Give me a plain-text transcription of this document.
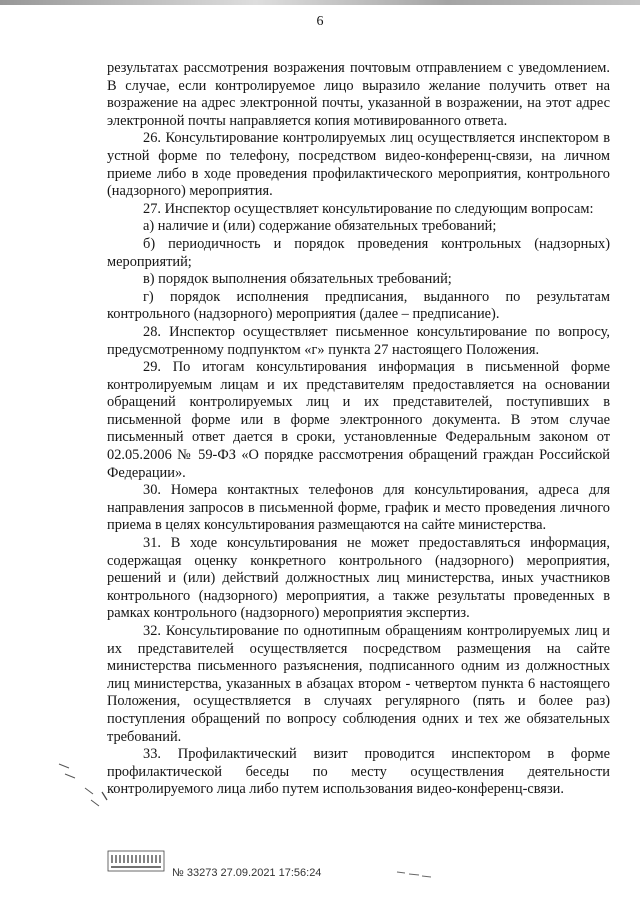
6

результатах рассмотрения возражения почтовым отправлением с уведомлением. В случае, если контролируемое лицо выразило желание получить ответ на возражение на адрес электронной почты, указанной в возражении, на этот адрес электронной почты направляется копия мотивированного ответа.

26. Консультирование контролируемых лиц осуществляется инспектором в устной форме по телефону, посредством видео-конференц-связи, на личном приеме либо в ходе проведения профилактического мероприятия, контрольного (надзорного) мероприятия.

27. Инспектор осуществляет консультирование по следующим вопросам:

а) наличие и (или) содержание обязательных требований;

б) периодичность и порядок проведения контрольных (надзорных) мероприятий;

в) порядок выполнения обязательных требований;

г) порядок исполнения предписания, выданного по результатам контрольного (надзорного) мероприятия (далее – предписание).

28. Инспектор осуществляет письменное консультирование по вопросу, предусмотренному подпунктом «г» пункта 27 настоящего Положения.

29. По итогам консультирования информация в письменной форме контролируемым лицам и их представителям предоставляется на основании обращений контролируемых лиц и их представителей, поступивших в письменной форме или в форме электронного документа. В этом случае письменный ответ дается в сроки, установленные Федеральным законом от 02.05.2006 № 59-ФЗ «О порядке рассмотрения обращений граждан Российской Федерации».

30. Номера контактных телефонов для консультирования, адреса для направления запросов в письменной форме, график и место проведения личного приема в целях консультирования размещаются на сайте министерства.

31. В ходе консультирования не может предоставляться информация, содержащая оценку конкретного контрольного (надзорного) мероприятия, решений и (или) действий должностных лиц министерства, иных участников контрольного (надзорного) мероприятия, а также результаты проведенных в рамках контрольного (надзорного) мероприятия экспертиз.

32. Консультирование по однотипным обращениям контролируемых лиц и их представителей осуществляется посредством размещения на сайте министерства письменного разъяснения, подписанного одним из должностных лиц министерства, указанных в абзацах втором - четвертом пункта 6 настоящего Положения, осуществляется в случаях регулярного (пять и более раз) поступления обращений по вопросу соблюдения одних и тех же обязательных требований.

33. Профилактический визит проводится инспектором в форме профилактической беседы по месту осуществления деятельности контролируемого лица либо путем использования видео-конференц-связи.

№ 33273 27.09.2021 17:56:24
